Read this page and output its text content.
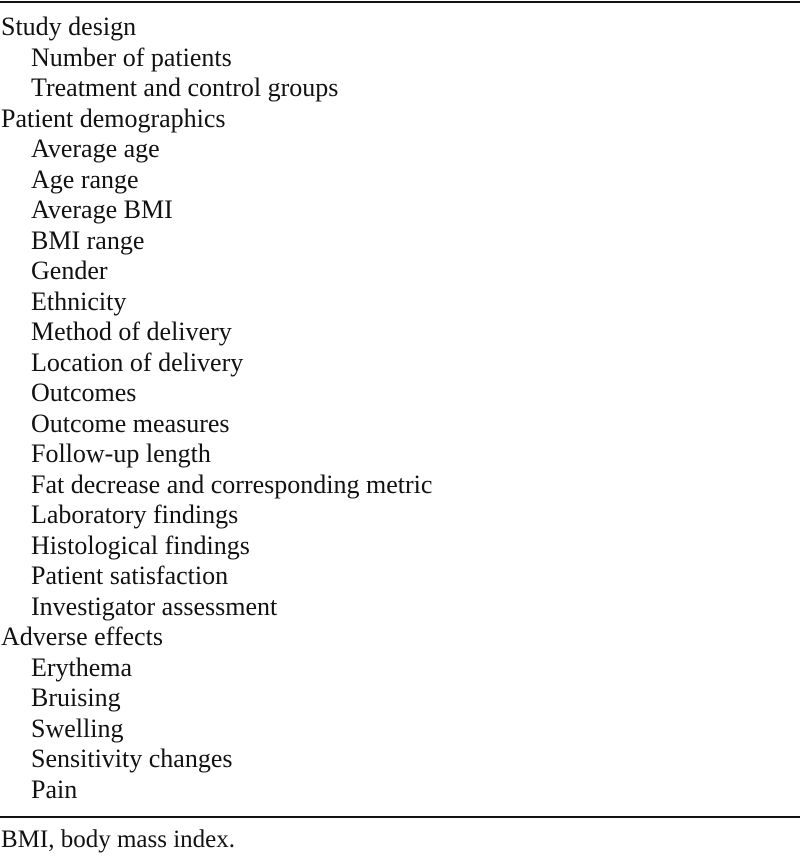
Study design
Number of patients
Treatment and control groups
Patient demographics
Average age
Age range
Average BMI
BMI range
Gender
Ethnicity
Method of delivery
Location of delivery
Outcomes
Outcome measures
Follow-up length
Fat decrease and corresponding metric
Laboratory findings
Histological findings
Patient satisfaction
Investigator assessment
Adverse effects
Erythema
Bruising
Swelling
Sensitivity changes
Pain
BMI, body mass index.
